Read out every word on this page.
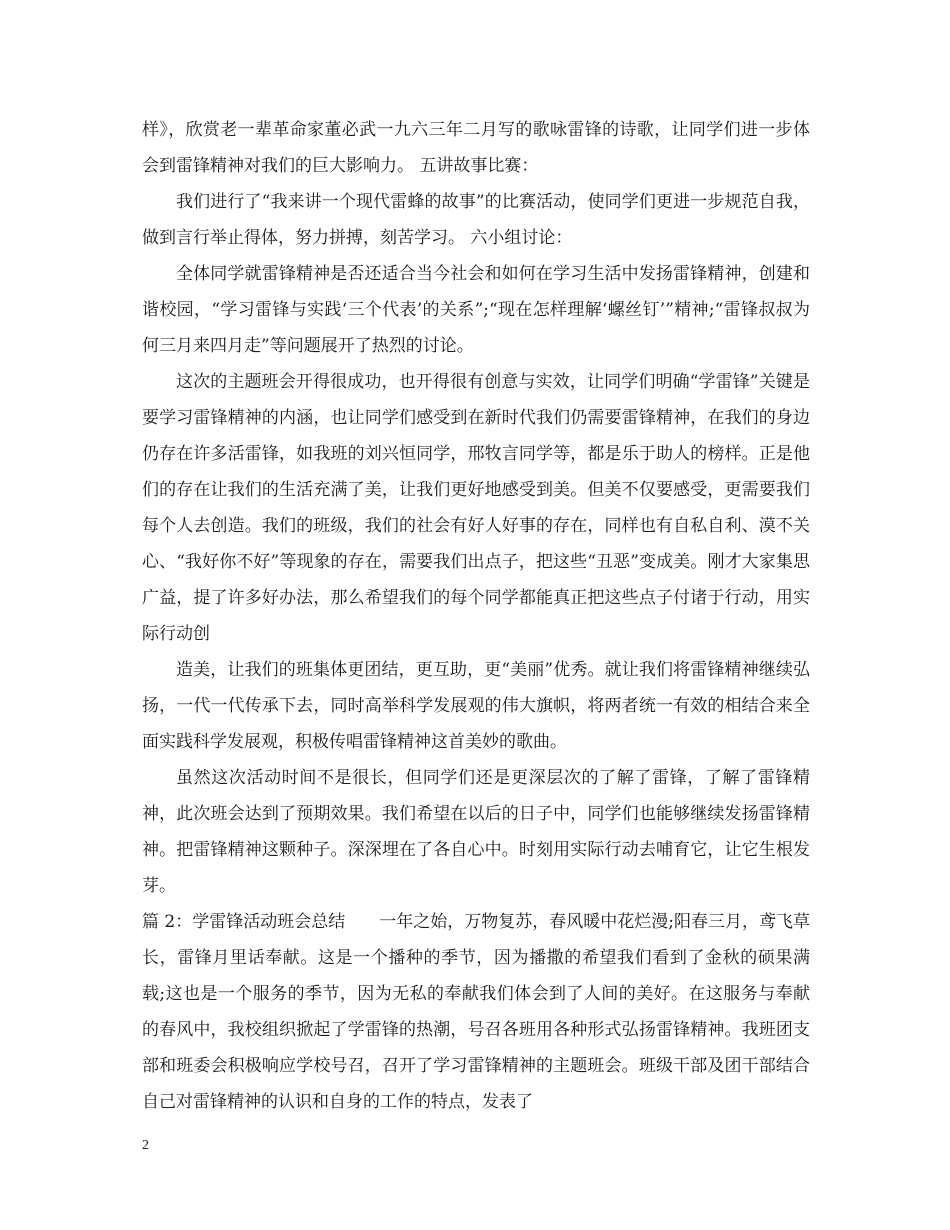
样》，欣赏老一辈革命家董必武一九六三年二月写的歌咏雷锋的诗歌，让同学们进一步体会到雷锋精神对我们的巨大影响力。 五讲故事比赛：

我们进行了“我来讲一个现代雷蜂的故事”的比赛活动，使同学们更进一步规范自我，做到言行举止得体，努力拼搏，刻苦学习。 六小组讨论：

全体同学就雷锋精神是否还适合当今社会和如何在学习生活中发扬雷锋精神，创建和谐校园，“学习雷锋与实践‘三个代表’的关系”;“现在怎样理解‘螺丝钉’”精神;“雷锋叔叔为何三月来四月走”等问题展开了热烈的讨论。

这次的主题班会开得很成功，也开得很有创意与实效，让同学们明确“学雷锋”关键是要学习雷锋精神的内涵，也让同学们感受到在新时代我们仍需要雷锋精神，在我们的身边仍存在许多活雷锋，如我班的刘兴恒同学，邢牧言同学等，都是乐于助人的榜样。正是他们的存在让我们的生活充满了美，让我们更好地感受到美。但美不仅要感受，更需要我们每个人去创造。我们的班级，我们的社会有好人好事的存在，同样也有自私自利、漠不关心、“我好你不好”等现象的存在，需要我们出点子，把这些“丑恶”变成美。刚才大家集思广益，提了许多好办法，那么希望我们的每个同学都能真正把这些点子付诸于行动，用实际行动创

造美，让我们的班集体更团结，更互助，更“美丽”优秀。就让我们将雷锋精神继续弘扬，一代一代传承下去，同时高举科学发展观的伟大旗帜，将两者统一有效的相结合来全面实践科学发展观，积极传唱雷锋精神这首美妙的歌曲。

虽然这次活动时间不是很长，但同学们还是更深层次的了解了雷锋，了解了雷锋精神，此次班会达到了预期效果。我们希望在以后的日子中，同学们也能够继续发扬雷锋精神。把雷锋精神这颗种子。深深埋在了各自心中。时刻用实际行动去哺育它，让它生根发芽。

篇 2：学雷锋活动班会总结　　一年之始，万物复苏，春风暖中花烂漫;阳春三月，鸢飞草长，雷锋月里话奉献。这是一个播种的季节，因为播撒的希望我们看到了金秋的硕果满载;这也是一个服务的季节，因为无私的奉献我们体会到了人间的美好。在这服务与奉献的春风中，我校组织掀起了学雷锋的热潮，号召各班用各种形式弘扬雷锋精神。我班团支部和班委会积极响应学校号召，召开了学习雷锋精神的主题班会。班级干部及团干部结合自己对雷锋精神的认识和自身的工作的特点，发表了

2
